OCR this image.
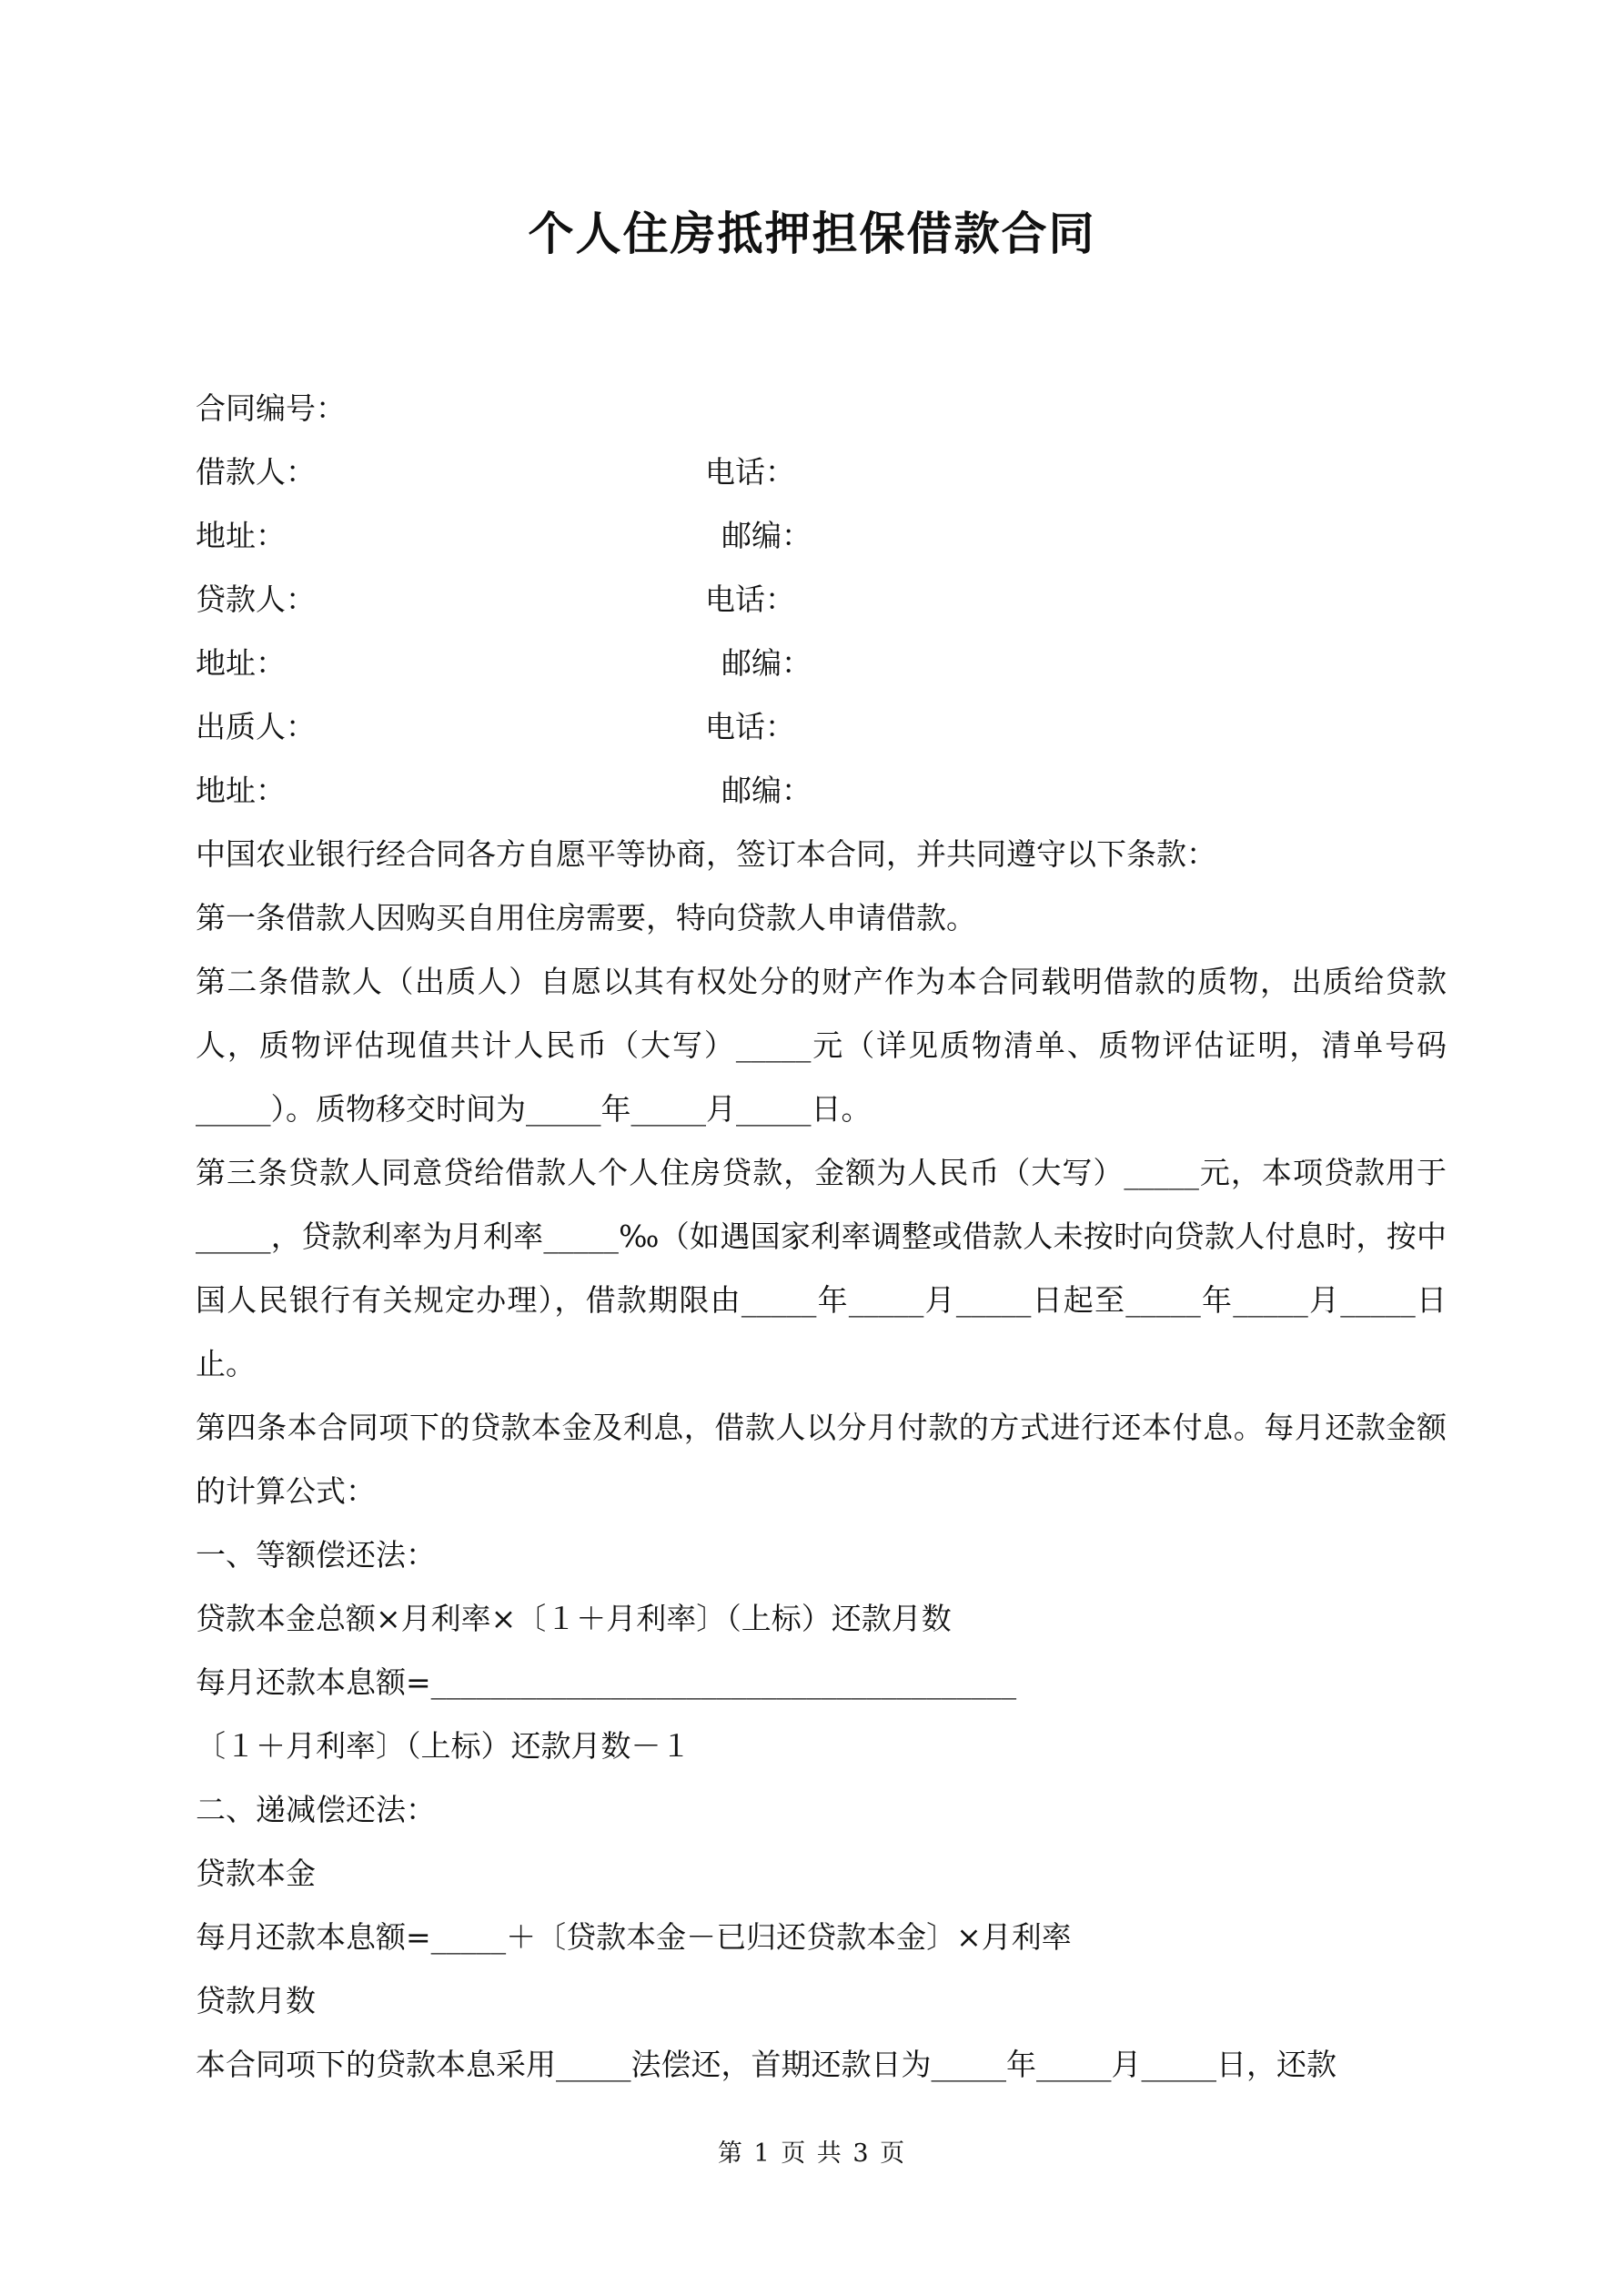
个人住房抵押担保借款合同
合同编号：
借款人：	电话：
地址：	邮编：
贷款人：	电话：
地址：	邮编：
出质人：	电话：
地址：	邮编：
中国农业银行经合同各方自愿平等协商，签订本合同，并共同遵守以下条款：
第一条借款人因购买自用住房需要，特向贷款人申请借款。
第二条借款人（出质人）自愿以其有权处分的财产作为本合同载明借款的质物，出质给贷款人，质物评估现值共计人民币（大写）_____元（详见质物清单、质物评估证明，清单号码_____）。质物移交时间为_____年_____月_____日。
第三条贷款人同意贷给借款人个人住房贷款，金额为人民币（大写）_____元，本项贷款用于_____，贷款利率为月利率_____‰（如遇国家利率调整或借款人未按时向贷款人付息时，按中国人民银行有关规定办理），借款期限由_____年_____月_____日起至_____年_____月_____日止。
第四条本合同项下的贷款本金及利息，借款人以分月付款的方式进行还本付息。每月还款金额的计算公式：
一、等额偿还法：
贷款本金总额×月利率×〔１＋月利率〕（上标）还款月数
每月还款本息额=_______________________________________
〔１＋月利率〕（上标）还款月数－１
二、递减偿还法：
贷款本金
每月还款本息额=_____＋〔贷款本金－已归还贷款本金〕×月利率
贷款月数
本合同项下的贷款本息采用_____法偿还，首期还款日为_____年_____月_____日，还款
第 1 页 共 3 页
